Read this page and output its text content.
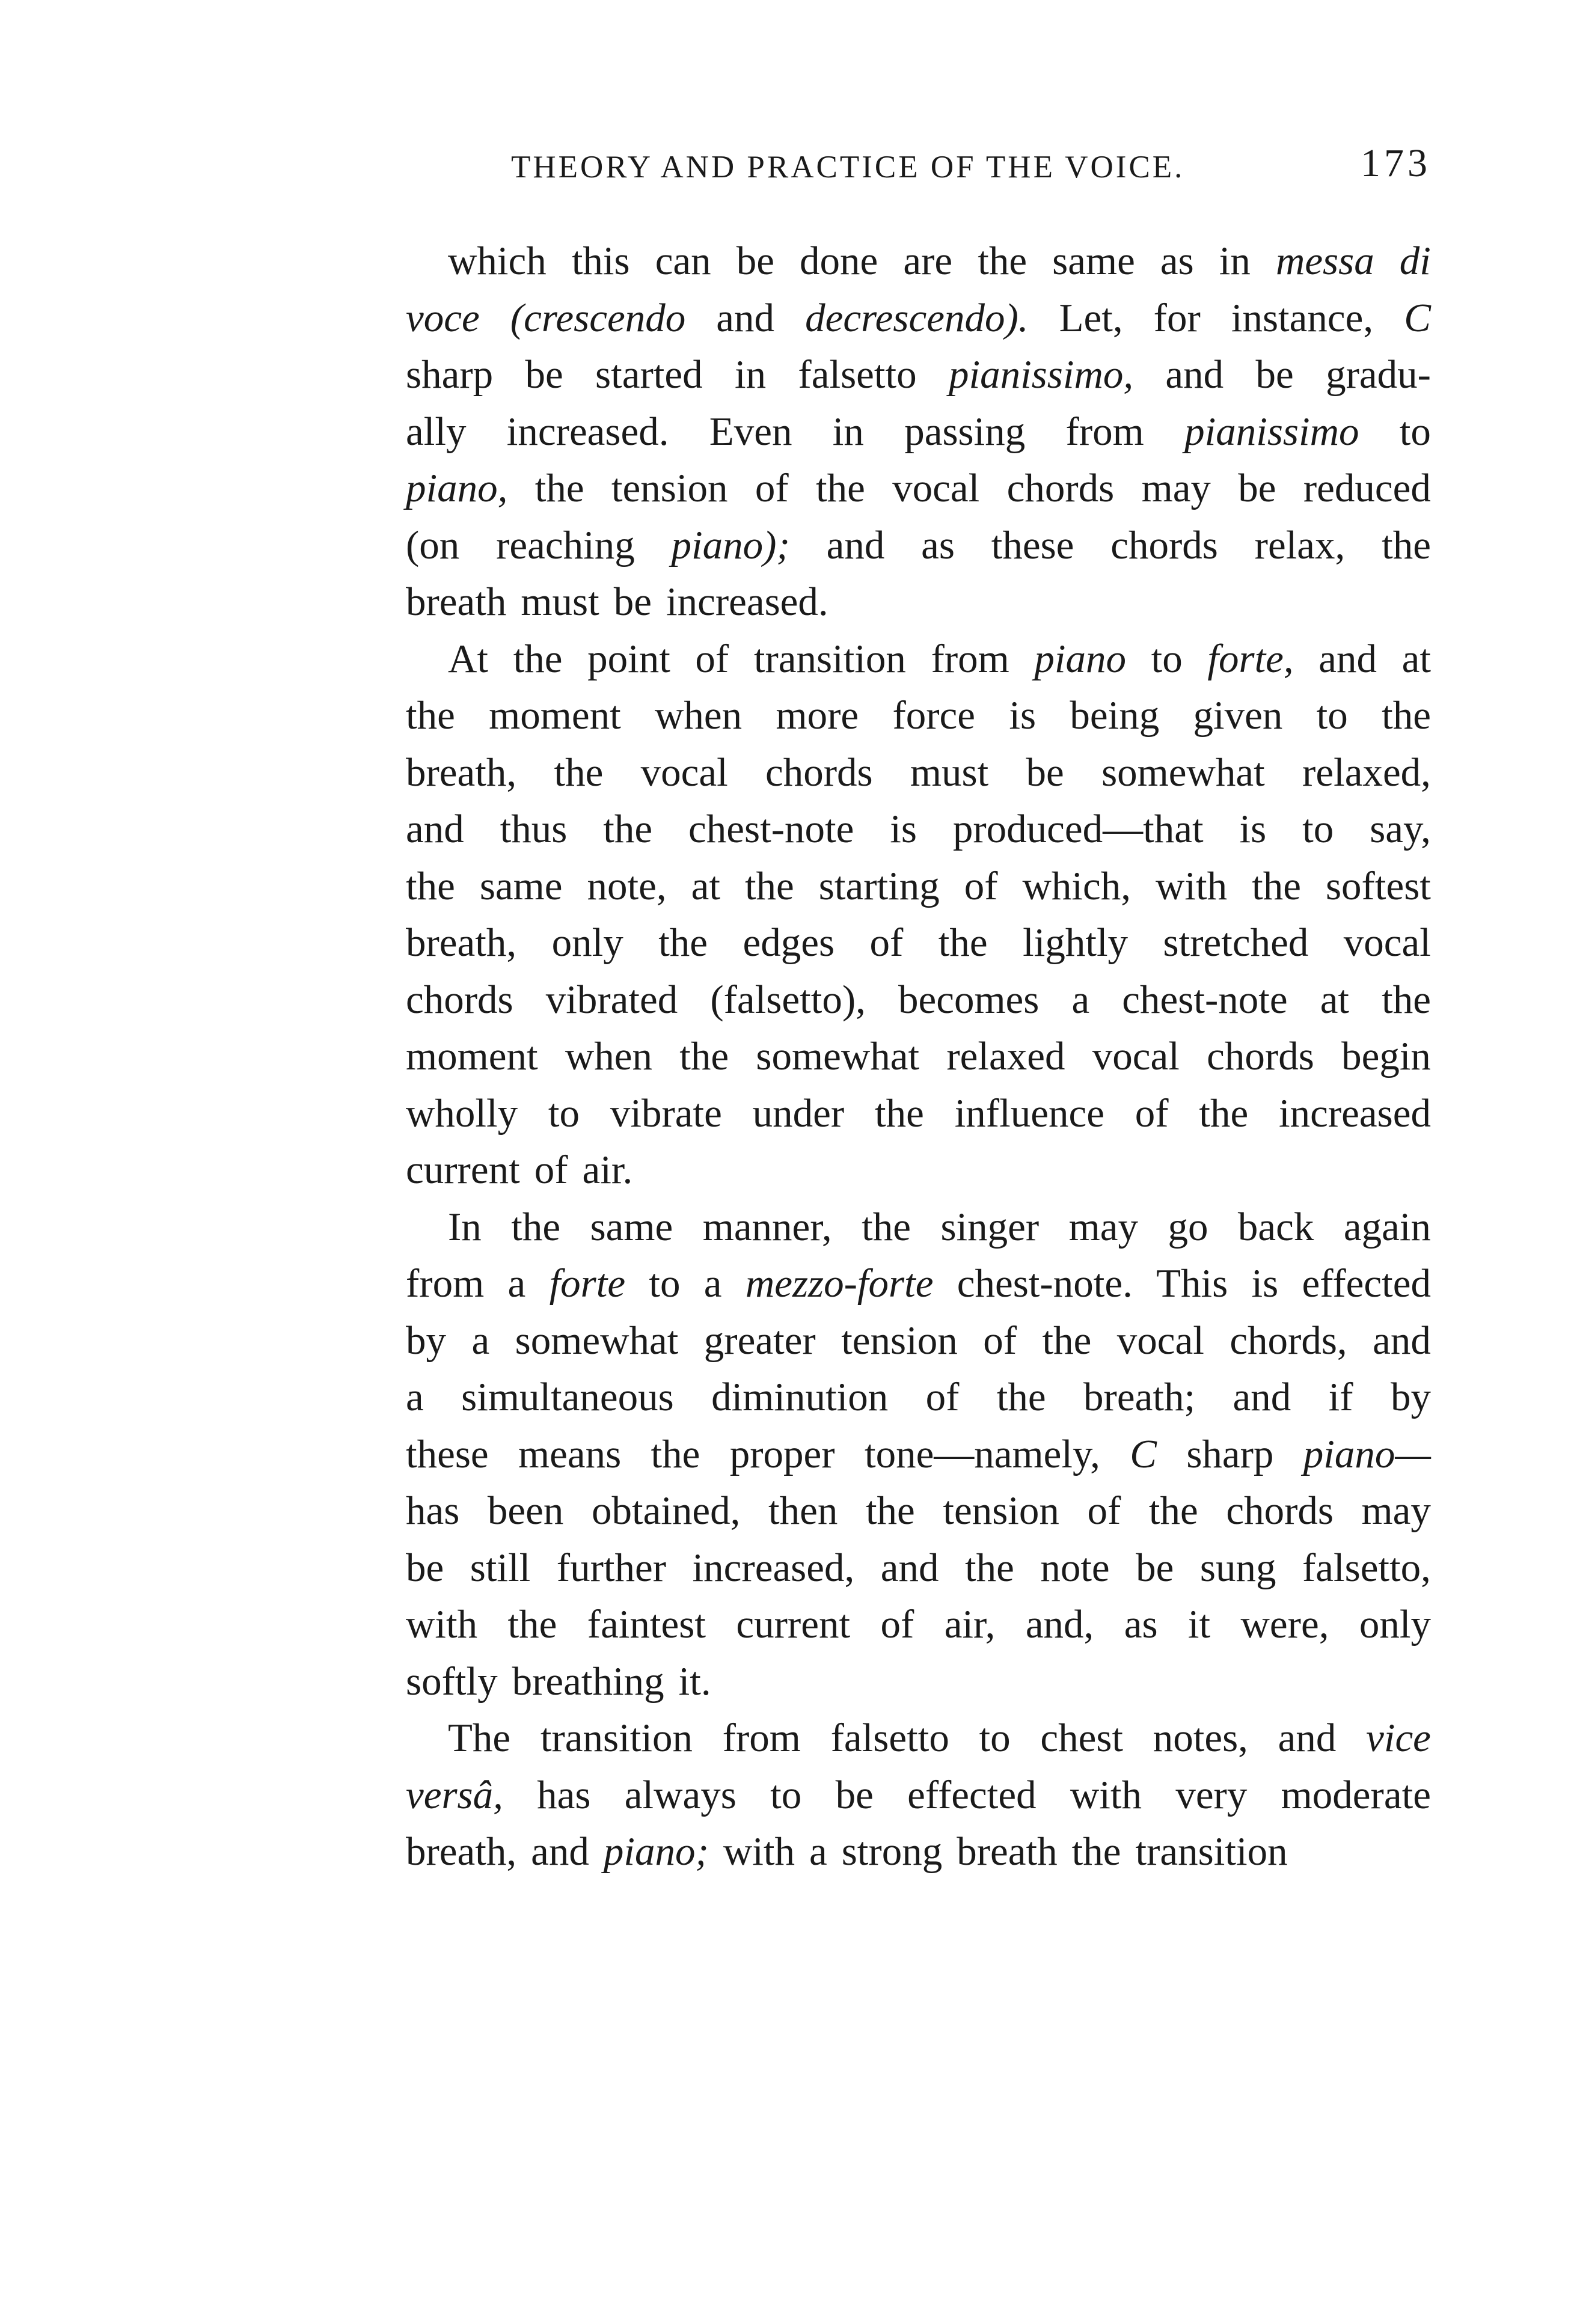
THEORY AND PRACTICE OF THE VOICE.	173
which this can be done are the same as in messa di
voce (crescendo and decrescendo). Let, for instance, C
sharp be started in falsetto pianissimo, and be gradu-
ally increased. Even in passing from pianissimo to
piano, the tension of the vocal chords may be reduced
(on reaching piano); and as these chords relax, the
breath must be increased.
At the point of transition from piano to forte, and at
the moment when more force is being given to the
breath, the vocal chords must be somewhat relaxed,
and thus the chest-note is produced—that is to say,
the same note, at the starting of which, with the softest
breath, only the edges of the lightly stretched vocal
chords vibrated (falsetto), becomes a chest-note at the
moment when the somewhat relaxed vocal chords begin
wholly to vibrate under the influence of the increased
current of air.
In the same manner, the singer may go back again
from a forte to a mezzo-forte chest-note. This is effected
by a somewhat greater tension of the vocal chords, and
a simultaneous diminution of the breath; and if by
these means the proper tone—namely, C sharp piano—
has been obtained, then the tension of the chords may
be still further increased, and the note be sung falsetto,
with the faintest current of air, and, as it were, only
softly breathing it.
The transition from falsetto to chest notes, and vice
versâ, has always to be effected with very moderate
breath, and piano; with a strong breath the transition
